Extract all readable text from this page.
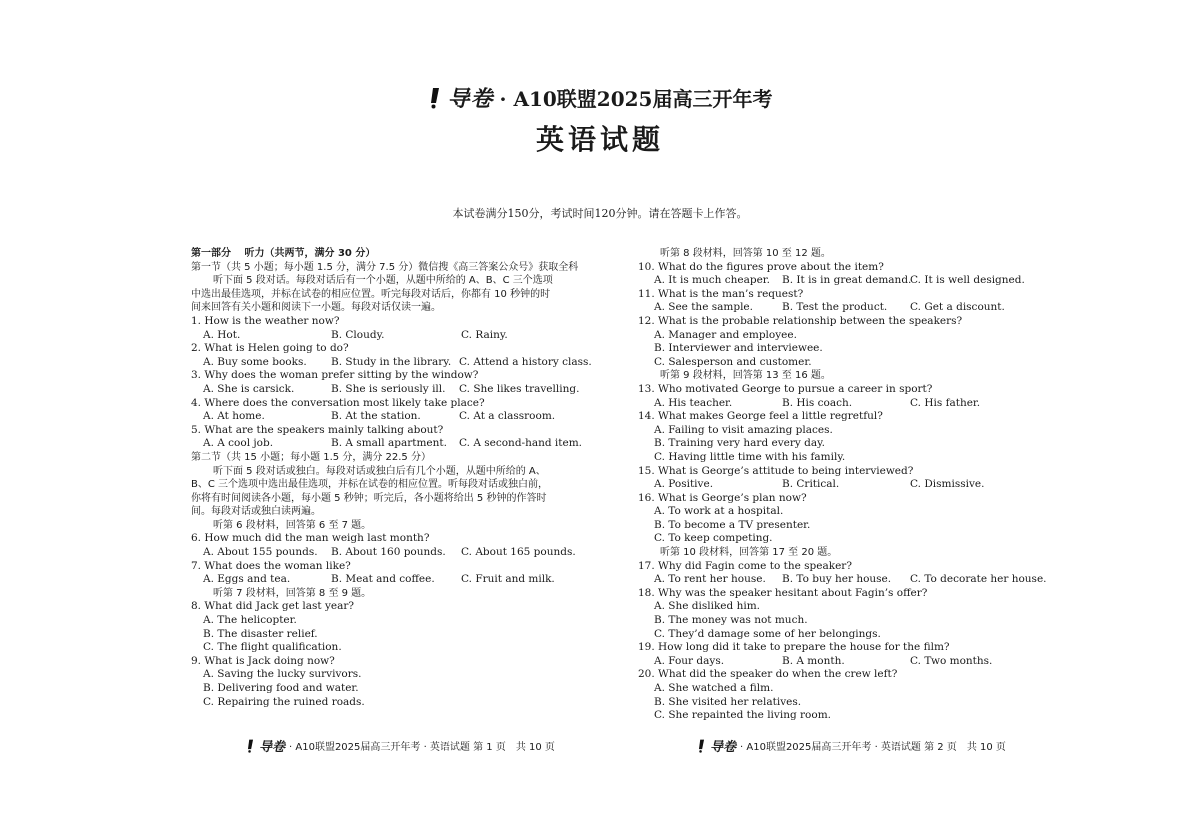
导卷 · A10联盟2025届高三开年考
英语试题
本试卷满分150分，考试时间120分钟。请在答题卡上作答。
第一部分　 听力（共两节，满分 30 分）
第一节（共 5 小题；每小题 1.5 分，满分 7.5 分）微信搜《高三答案公众号》获取全科
听下面 5 段对话。每段对话后有一个小题，从题中所给的 A、B、C 三个选项
中选出最佳选项，并标在试卷的相应位置。听完每段对话后，你都有 10 秒钟的时
间来回答有关小题和阅读下一小题。每段对话仅读一遍。
1. How is the weather now?
A. Hot.	B. Cloudy.	C. Rainy.
2. What is Helen going to do?
A. Buy some books. B. Study in the library. C. Attend a history class.
3. Why does the woman prefer sitting by the window?
A. She is carsick.	B. She is seriously ill. C. She likes travelling.
4. Where does the conversation most likely take place?
A. At home.	B. At the station.	C. At a classroom.
5. What are the speakers mainly talking about?
A. A cool job.	B. A small apartment. C. A second-hand item.
第二节（共 15 小题；每小题 1.5 分，满分 22.5 分）
听下面 5 段对话或独白。每段对话或独白后有几个小题，从题中所给的 A、
B、C 三个选项中选出最佳选项，并标在试卷的相应位置。听每段对话或独白前，
你将有时间阅读各小题，每小题 5 秒钟；听完后，各小题将给出 5 秒钟的作答时
间。每段对话或独白读两遍。
听第 6 段材料，回答第 6 至 7 题。
6. How much did the man weigh last month?
A. About 155 pounds. B. About 160 pounds. C. About 165 pounds.
7. What does the woman like?
A. Eggs and tea.	B. Meat and coffee.	C. Fruit and milk.
听第 7 段材料，回答第 8 至 9 题。
8. What did Jack get last year?
A. The helicopter.
B. The disaster relief.
C. The flight qualification.
9. What is Jack doing now?
A. Saving the lucky survivors.
B. Delivering food and water.
C. Repairing the ruined roads.
听第 8 段材料，回答第 10 至 12 题。
10. What do the figures prove about the item?
A. It is much cheaper. B. It is in great demand.
C. It is well designed.
11. What is the man’s request?
A. See the sample.	B. Test the product. C. Get a discount.
12. What is the probable relationship between the speakers?
A. Manager and employee.
B. Interviewer and interviewee.
C. Salesperson and customer.
听第 9 段材料，回答第 13 至 16 题。
13. Who motivated George to pursue a career in sport?
A. His teacher.	B. His coach.	C. His father.
14. What makes George feel a little regretful?
A. Failing to visit amazing places.
B. Training very hard every day.
C. Having little time with his family.
15. What is George’s attitude to being interviewed?
A. Positive.	B. Critical.	C. Dismissive.
16. What is George’s plan now?
A. To work at a hospital.
B. To become a TV presenter.
C. To keep competing.
听第 10 段材料，回答第 17 至 20 题。
17. Why did Fagin come to the speaker?
A. To rent her house. B. To buy her house. C. To decorate her house.
18. Why was the speaker hesitant about Fagin’s offer?
A. She disliked him.
B. The money was not much.
C. They’d damage some of her belongings.
19. How long did it take to prepare the house for the film?
A. Four days.	B. A month.	C. Two months.
20. What did the speaker do when the crew left?
A. She watched a film.
B. She visited her relatives.
C. She repainted the living room.
导卷 · A10联盟2025届高三开年考 · 英语试题 第 1 页　共 10 页	导卷 · A10联盟2025届高三开年考 · 英语试题 第 2 页　共 10 页
